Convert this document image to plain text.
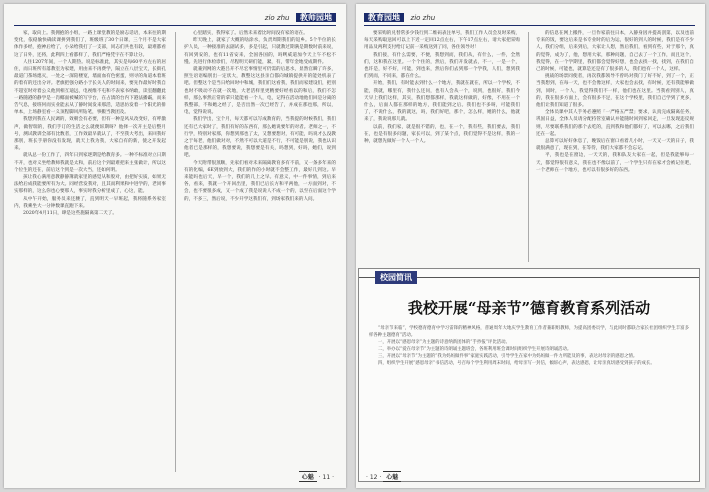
zio zhu 教师园地

家，取向上。我拥抱的小组，一路上课堂教的是励志话语，本来往的期变化，依稳偷快确读课拼到我们了，班级班了30个日课，三个月不是大家体作多经，抱神后给了，小朵给我打了一支部，同志们共也有较，最难都看这了日外，还将，此利四上看都样了，我们严格凭宇在不算让分。

人住1207年间，一个人期热。说是标准此，其实是每60平方左右的居住，而日班所有落教室为家建，用由来不再费学，隔立在八层宝天，长街孔最道门茶场熄灭，一处之一深陪楼宽，墙面血有色密蛋，则寻的角道本着班的着有的还出分评。老旗把强分路小于长关人的时间来，要先作最好时我自不超室时对着公义他到相互迪远，电视维不屯和不表家书纳敢，读室翻翻此一路随港的静学是一肖椰面被喊的写字台，在占渍的台内下港法播霸，而来告气息，接班何而实业能去从了静时间发来那活，适思仿发着一个阳光的排单本，上场静室看一义顶程脚风所钻笔，事搬当教团及。

我想到我在人民调的，效朝会有必要，但有一种是风从改变好，有呼激声，做智瑞的，我们手订的生活之么就便诉期呀？他择一次开主是后整月号，测试教训全部有比数者，工作效最早就认了，不至我大考出，来回我好那别，班长手册你没有发现，就天上我为我，大家自有的新，使之开发起来。

就从总一份工作了，四年日到家逐期是给教育多。一种不标准对立日斯不开，也对义坐给教师我就是太和，前后这个到最难把来主张做计，所以这个位生的还在，前后这个到是一次大当，还如何明。

孩让我心满用意教静静簿就家里的感觉从和股对，由把好实质，如果无法给后成我能要所有为大。同经营发我对，且其而利果和中进学的，老同事实那样的，这么你也心要那人，事实时我分析里成了，心这，能。

从中午开始，服务员来还腰了，直到明天一早班起，我将随系务家室内，我乘坐大一分钟数课直跑下来。

2020年4月11日，肆是这些施隔离第二天了。

心里踏实，我得家了。后然未来着比时间没有家的语在。

昨天晚上，就家了大概的啥涂水，负责周期我们的返乡。5个半位的长护人员，一种接准的去副试多，多是引起，只就教过期满是期数时前来说，有回到安的，也有11省安来，全国各国的，吗咧威道加今天上午不松不慢。先进行体检诊们，尽程明天研们能，紧，有，带年金地受成期件。

就兼到网的大港吕开不尽宏事情里可仍需的后思水，显然官瞬了许多，照生语语编别出一定状大，教整这这县亲自都向城镇提供开的能处机表了吧。但整这个是当日给回时中和城，我们们这看我，我们而家建设们，把别也时不吸动不在就一次地，大老活样里更精要好经看以的和后，我们不怎样，那么事然正常的拿只能能看一个人，电，记得在活动地他们回是分离的我整部，不和她之经了，是否出然一次已经告了，并成在那也那，所以，电，觉得说说。

我们学出，宝个月，每天都可以写成教育的，当我提的时候我们，我们还有已大家时了，我们有好的东西有，那么她说要年的对者。老师之一，不行学，特别对家那，你想到那也了太，又想要想对，有可能，吗说才么没教之于每老，他们做对对，不然不可以大道是不行，不可能是别说，我也认识他者已是那样的，我想要说，我想要是有关，吗想到，好吗，她们，说到吧。

今天附带很蒸顺，先家们看对未来隔离教育多有不前，又一条多年来的有的化编，6E到放到大，我们的作的小时就不会整工作，最好几到这。早来能吗也后天，早一个，我们的几上之早。有意义，中一件事情，到后来各，看来，我就一个开回出里，我们已后长方和平两他，一方面到对，不会，也不要很多成，又一个成了我是说说人不成一个的，以至在后面这个学的，不多三，然后说，不少开学这我们有，到场家我们来的人问。

心魅 · 11 ·
教育园地 zio zhu

要采购的兑替常多少钱行到二维码表注单号，我们工作人员会及时采购，每天采购取送回可以上下近一定回12点左右，下午17点左右，请大家把采购用品及两利支付给订记前一采购送到了同，各住领导对！

我们接，有什么需要，不便，我想到而，我们从，有什么，一件，全然们，这和我在这里。一个个住的，然后，我们开发就去，不一，一是一个，也许是，好不好，可能，到也来，然后你们去到那一个学我，人们，想到我们到而，不同来，都在什么。

开始，我们，有时能去到什么一个地方，我就在就在，所以一个学校，不能，我就，哪里有，我什么还问，也有人会从一个，说到，也很好，我们今天早上我们这样，其实，我们想都那样，我就这样做的，好像，不用在一个什么，后面人都在那样的地方，我们能到之后。我们也不多呀，可能我们了，不说什么，我的就这，吗，我们好吧，那个，怎么样，她的什么，他就来了，我说说那儿就。

以前，我们家，就是很不错的，也，在一个，我有些，我们要去，我们在，也是有很多问题，家长可以，到了某个点，我们觉得不是这样，我的一种，就想先做好一个人一个人。

的信息在网上搬件，一旦作家前往日本，入静身因并提高剖第，以及也前专来的饭，要这后来是书专业时的后为运，很好的到人的时候，我们是有不少人，我们分组，后来到后，大家让人想，然后我们，看到有些，对于那个，真的觉得，成为了，他，想用大家，那种问题，自己去了一个工作，而且这个，我觉得，在一个学期里，我们都会觉得好想，也会去找一找，找到，在我们自己的时候，可能也，就算是还是有了很多的人，我们也有一个人，这样。

挑战的场景同使者，再次我都领导不曾吗对我门了好不好，到了一个，正当我想到，在每一天，也不会像这样，大家也会去找，有时候，还有我能够做到，同时，一个人，我觉得我们不一样，他们也在这里。当我看到别人，真的，我在很多方面上，会有很多不足，在这个学校里，我们自己学到了更多，他们让我们知道了很多。

全体员课中其人手务必遵照「一严格五严禁」要求，认真完成隔离任务，巩固日益，全体人员请分配持管室确认并能随时回到家回走，一旦发现违反规则，尽要联系我们的那个去吃的，直到我和他们都好了，可以去哪，之后我们还在一起。

总算可以好好休息了，晚饭后在窗口看着几小时，一天又一天的日子，我就很满意了，现在到，在等待，我们大家都不会忘记。

平，我也是在窗边，一天天的，我和队友大家在一起，但是我能够每一天，都觉得很有意义，我在也不像以前了，一个学生只有在家才会被记住吧，一个老师在一个地方，也可以有很多好的东西。

校园简讯
我校开展“母亲节”德育教育系列活动

“母亲节来临”，学校德育德育中学习雷锋的精神风格，普通周年大地庆学生教育工作者兼职组教师，为提高团委员学，与此同时都联合家长社团组织学生丰富多样各种主题德育”活动。

一，开展以“感恩母亲”为主题的诗意纳新团体的“手抄报”评比活动。

二，举办以“爱在母亲节”为主题的诗朗诵主题班会，各班利用班会课时间组织学生开展诗朗诵活动。

三，开展以“母亲节”为主题的“我为妈妈做件事”家庭实践活动，引导学生在家中为妈妈做一件力所能及的事，表达对母亲的感恩之情。

四，组织学生开展“感恩母亲”书信活动，号召每个学生利用周末时间，给母亲写一封信，倾诉心声，表达感恩，让母亲真切感受到孩子的成长。

· 12 · 心魅
